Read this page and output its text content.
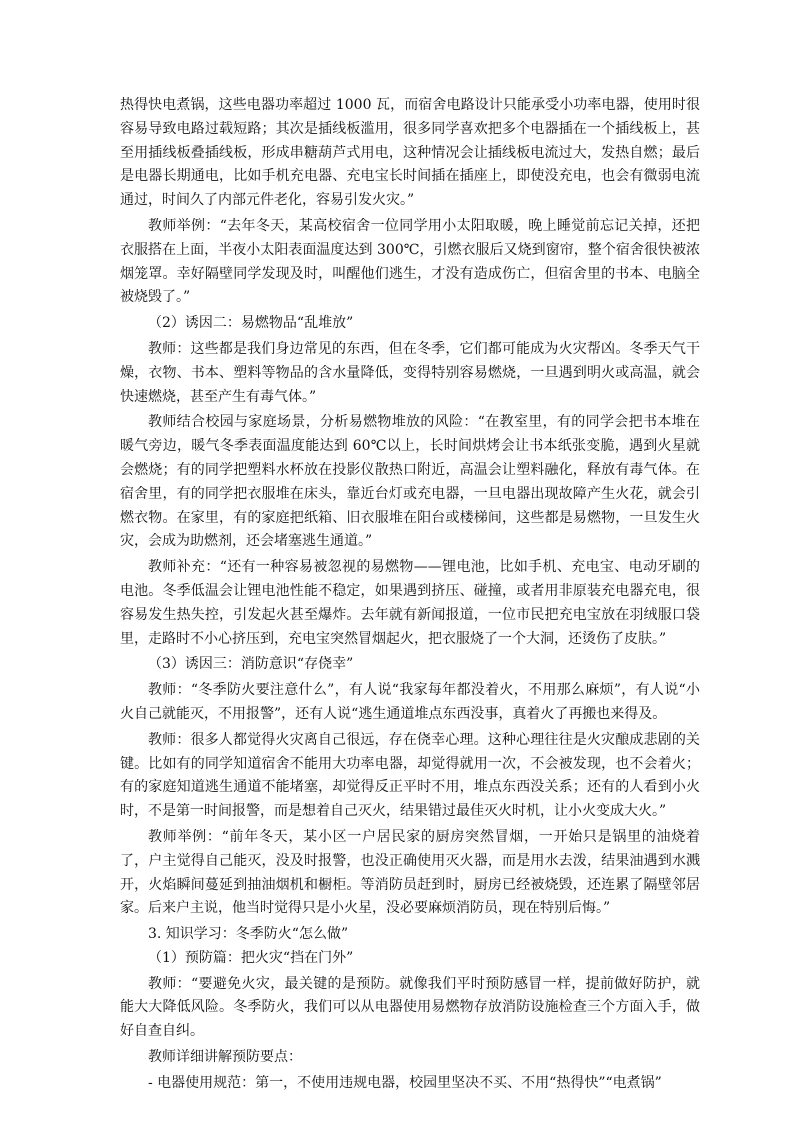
热得快电煮锅，这些电器功率超过 1000 瓦，而宿舍电路设计只能承受小功率电器，使用时很容易导致电路过载短路；其次是插线板滥用，很多同学喜欢把多个电器插在一个插线板上，甚至用插线板叠插线板，形成串糖葫芦式用电，这种情况会让插线板电流过大，发热自燃；最后是电器长期通电，比如手机充电器、充电宝长时间插在插座上，即使没充电，也会有微弱电流通过，时间久了内部元件老化，容易引发火灾。”

教师举例：“去年冬天，某高校宿舍一位同学用小太阳取暖，晚上睡觉前忘记关掉，还把衣服搭在上面，半夜小太阳表面温度达到 300℃，引燃衣服后又烧到窗帘，整个宿舍很快被浓烟笼罩。幸好隔壁同学发现及时，叫醒他们逃生，才没有造成伤亡，但宿舍里的书本、电脑全被烧毁了。”

（2）诱因二：易燃物品“乱堆放”

教师：这些都是我们身边常见的东西，但在冬季，它们都可能成为火灾帮凶。冬季天气干燥，衣物、书本、塑料等物品的含水量降低，变得特别容易燃烧，一旦遇到明火或高温，就会快速燃烧，甚至产生有毒气体。”

教师结合校园与家庭场景，分析易燃物堆放的风险：“在教室里，有的同学会把书本堆在暖气旁边，暖气冬季表面温度能达到 60℃以上，长时间烘烤会让书本纸张变脆，遇到火星就会燃烧；有的同学把塑料水杯放在投影仪散热口附近，高温会让塑料融化，释放有毒气体。在宿舍里，有的同学把衣服堆在床头，靠近台灯或充电器，一旦电器出现故障产生火花，就会引燃衣物。在家里，有的家庭把纸箱、旧衣服堆在阳台或楼梯间，这些都是易燃物，一旦发生火灾，会成为助燃剂，还会堵塞逃生通道。”

教师补充：“还有一种容易被忽视的易燃物——锂电池，比如手机、充电宝、电动牙刷的电池。冬季低温会让锂电池性能不稳定，如果遇到挤压、碰撞，或者用非原装充电器充电，很容易发生热失控，引发起火甚至爆炸。去年就有新闻报道，一位市民把充电宝放在羽绒服口袋里，走路时不小心挤压到，充电宝突然冒烟起火，把衣服烧了一个大洞，还烫伤了皮肤。”

（3）诱因三：消防意识“存侥幸”

教师：“冬季防火要注意什么”，有人说“我家每年都没着火，不用那么麻烦”，有人说“小火自己就能灭，不用报警”，还有人说“逃生通道堆点东西没事，真着火了再搬也来得及。

教师：很多人都觉得火灾离自己很远，存在侥幸心理。这种心理往往是火灾酿成悲剧的关键。比如有的同学知道宿舍不能用大功率电器，却觉得就用一次，不会被发现，也不会着火；有的家庭知道逃生通道不能堵塞，却觉得反正平时不用，堆点东西没关系；还有的人看到小火时，不是第一时间报警，而是想着自己灭火，结果错过最佳灭火时机，让小火变成大火。”

教师举例：“前年冬天，某小区一户居民家的厨房突然冒烟，一开始只是锅里的油烧着了，户主觉得自己能灭，没及时报警，也没正确使用灭火器，而是用水去泼，结果油遇到水溅开，火焰瞬间蔓延到抽油烟机和橱柜。等消防员赶到时，厨房已经被烧毁，还连累了隔壁邻居家。后来户主说，他当时觉得只是小火星，没必要麻烦消防员，现在特别后悔。”

3. 知识学习：冬季防火“怎么做”

（1）预防篇：把火灾“挡在门外”

教师：“要避免火灾，最关键的是预防。就像我们平时预防感冒一样，提前做好防护，就能大大降低风险。冬季防火，我们可以从电器使用易燃物存放消防设施检查三个方面入手，做好自查自纠。

教师详细讲解预防要点：

- 电器使用规范：第一，不使用违规电器，校园里坚决不买、不用“热得快”“电煮锅”
